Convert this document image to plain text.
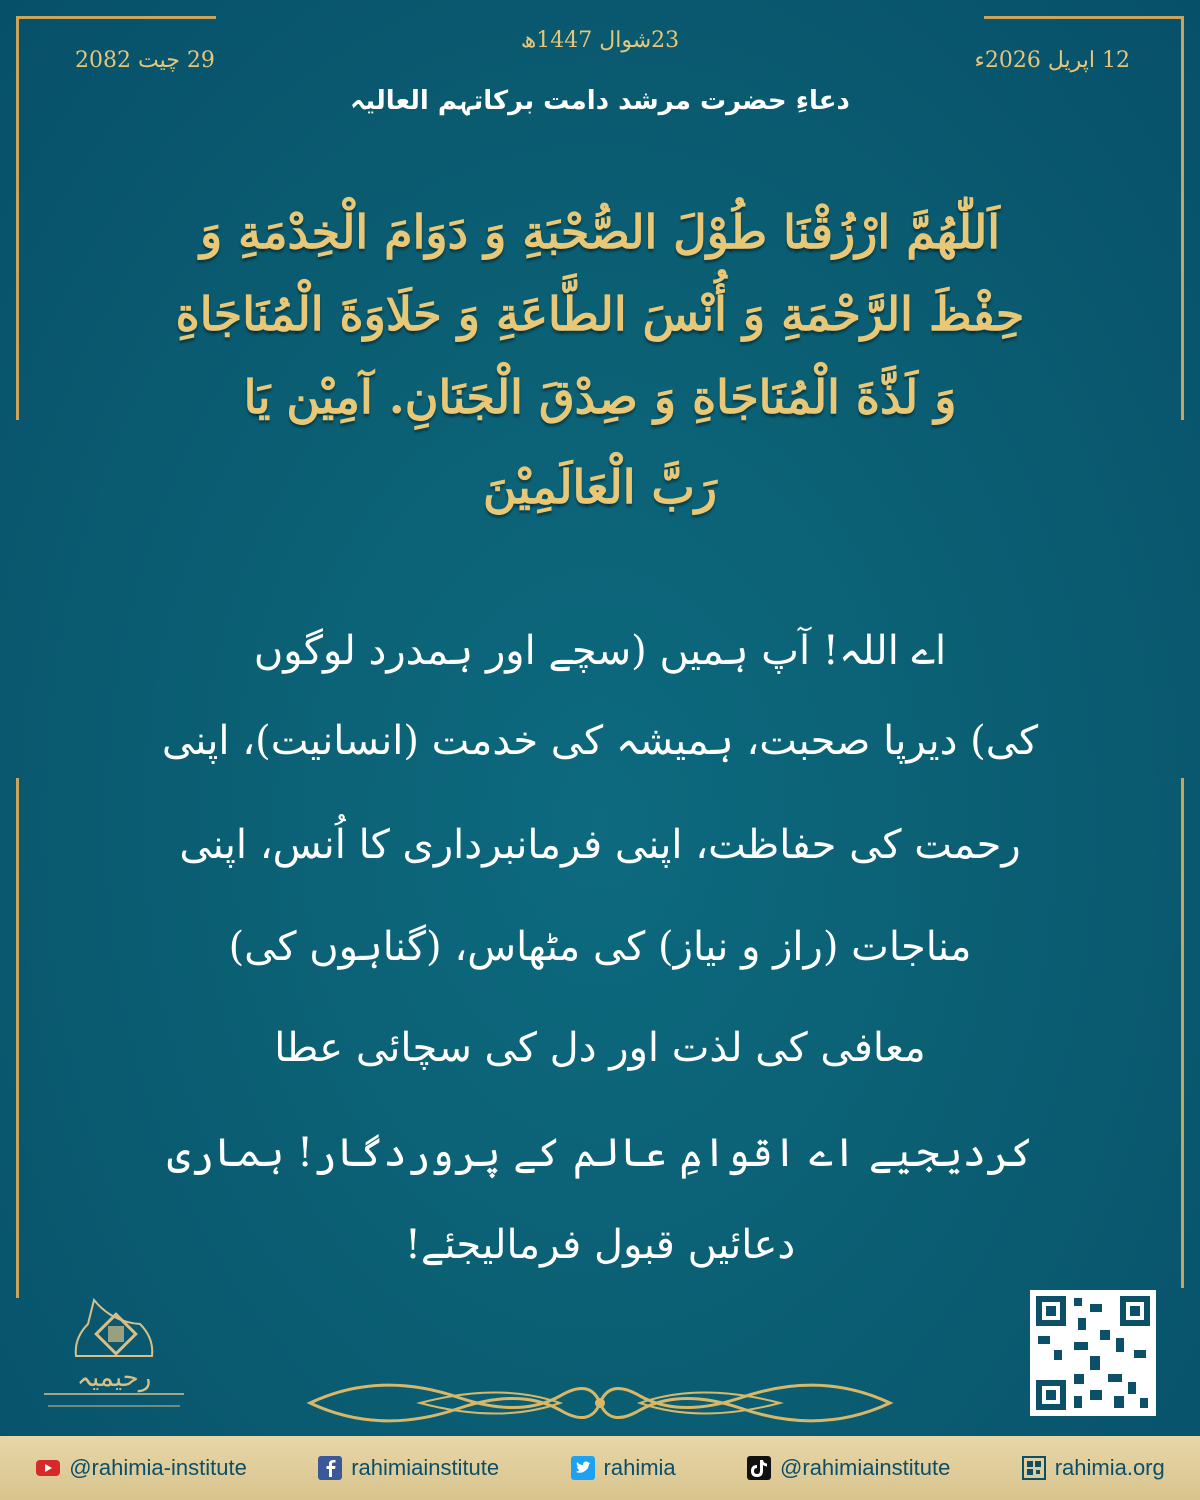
23شوال 1447ھ
12 اپریل 2026ء
29 چیت 2082
دعاءِ حضرت مرشد دامت برکاتہم العالیہ
اَللّٰهُمَّ ارْزُقْنَا طُوْلَ الصُّحْبَةِ وَ دَوَامَ الْخِدْمَةِ وَ
حِفْظَ الرَّحْمَةِ وَ أُنْسَ الطَّاعَةِ وَ حَلَاوَةَ الْمُنَاجَاةِ
وَ لَذَّةَ الْمُنَاجَاةِ وَ صِدْقَ الْجَنَانِ. آمِيْن يَا
رَبَّ الْعَالَمِيْنَ
اے اللہ! آپ ہمیں (سچے اور ہمدرد لوگوں
کی) دیرپا صحبت، ہمیشہ کی خدمت (انسانیت)، اپنی
رحمت کی حفاظت، اپنی فرمانبرداری کا اُنس، اپنی
مناجات (راز و نیاز) کی مٹھاس، (گناہوں کی)
معافی کی لذت اور دل کی سچائی عطا
کردیجیے اے اقوامِ عالم کے پروردگار! ہماری
دعائیں قبول فرمالیجئے!
رحیمیہ
@rahimia-institute	rahimiainstitute	rahimia	@rahimiainstitute	rahimia.org
